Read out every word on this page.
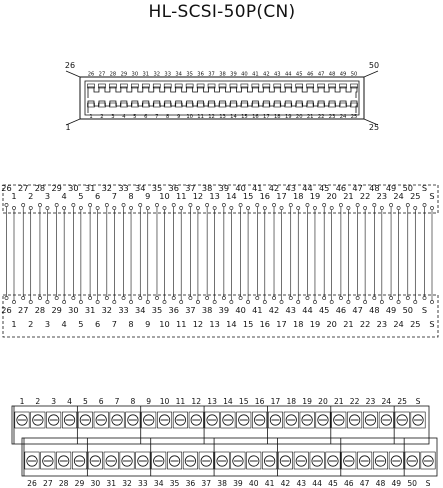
HL-SCSI-50P(CN)
26	50
1	25
26 27 28 29 30 31 32 33 34 35 36 37 38 39 40 41 42 43 44 45 46 47 48 49 50
1 2 3 4 5 6 7 8 9 10 11 12 13 14 15 16 17 18 19 20 21 22 23 24 25
26 27 28 29 30 31 32 33 34 35 36 37 38 39 40 41 42 43 44 45 46 47 48 49 50 S
1 2 3 4 5 6 7 8 9 10 11 12 13 14 15 16 17 18 19 20 21 22 23 24 25 S
26 27 28 29 30 31 32 33 34 35 36 37 38 39 40 41 42 43 44 45 46 47 48 49 50 S
1 2 3 4 5 6 7 8 9 10 11 12 13 14 15 16 17 18 19 20 21 22 23 24 25 S
1 2 3 4 5 6 7 8 9 10 11 12 13 14 15 16 17 18 19 20 21 22 23 24 25 S
26 27 28 29 30 31 32 33 34 35 36 37 38 39 40 41 42 43 44 45 46 47 48 49 50 S
